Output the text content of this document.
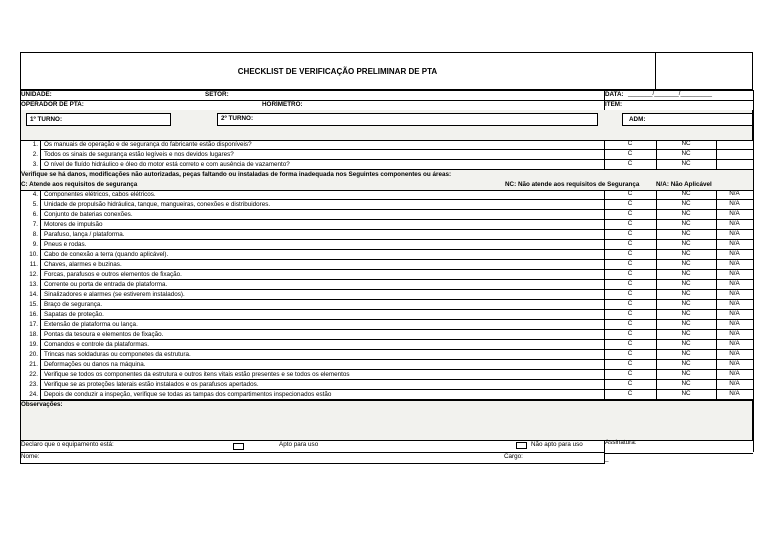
CHECKLIST DE VERIFICAÇÃO PRELIMINAR DE PTA
UNIDADE:	SETOR:	DATA: _______/_______/_________
OPERADOR DE PTA:	HORÍMETRO:	ITEM:
1º TURNO:	2º TURNO:	ADM:
1. Os manuais de operação e de segurança do fabricante estão disponíveis?	C	NC
2. Todos os sinais de segurança estão legíveis e nos devidos lugares?	C	NC
3. O nível de fluído hidráulico e óleo do motor está correto e com ausência de vazamento?	C	NC
Verifique se há danos, modificações não autorizadas, peças faltando ou instaladas de forma inadequada nos Seguintes componentes ou áreas:
C: Atende aos requisitos de segurança	NC: Não atende aos requisitos de Segurança	N/A: Não Aplicável
4. Componentes elétricos, cabos elétricos.	C	NC	N/A
5. Unidade de propulsão hidráulica, tanque, mangueiras, conexões e distribuidores.	C	NC	N/A
6. Conjunto de baterias conexões.	C	NC	N/A
7. Motores de impulsão	C	NC	N/A
8. Parafuso, lança / plataforma.	C	NC	N/A
9. Pneus e rodas.	C	NC	N/A
10. Cabo de conexão a terra (quando aplicável).	C	NC	N/A
11. Chaves, alarmes e buzinas.	C	NC	N/A
12. Forcas, parafusos e outros elementos de fixação.	C	NC	N/A
13. Corrente ou porta de entrada de plataforma.	C	NC	N/A
14. Sinalizadores e alarmes (se estiverem instalados).	C	NC	N/A
15. Braço de segurança.	C	NC	N/A
16. Sapatas de proteção.	C	NC	N/A
17. Extensão de plataforma ou lança.	C	NC	N/A
18. Pontas da tesoura e elementos de fixação.	C	NC	N/A
19. Comandos e controle da plataformas.	C	NC	N/A
20. Trincas nas soldaduras ou componetes da estrutura.	C	NC	N/A
21. Deformações ou danos na máquina.	C	NC	N/A
22. Verifique se todos os componentes da estrutura e outros itens vitais estão presentes e se todos os elementos	C	NC	N/A
23. Verifique se as proteções laterais estão instalados e os parafusos apertados.	C	NC	N/A
24. Depois de conduzir a inspeção, verifique se todas as tampas dos compartimentos inspecionados estão	C	NC	N/A
Observações:
Declaro que o equipamento está:	Apto para uso	Não apto para uso	Assinatura:
Nome:	Cargo:	_
